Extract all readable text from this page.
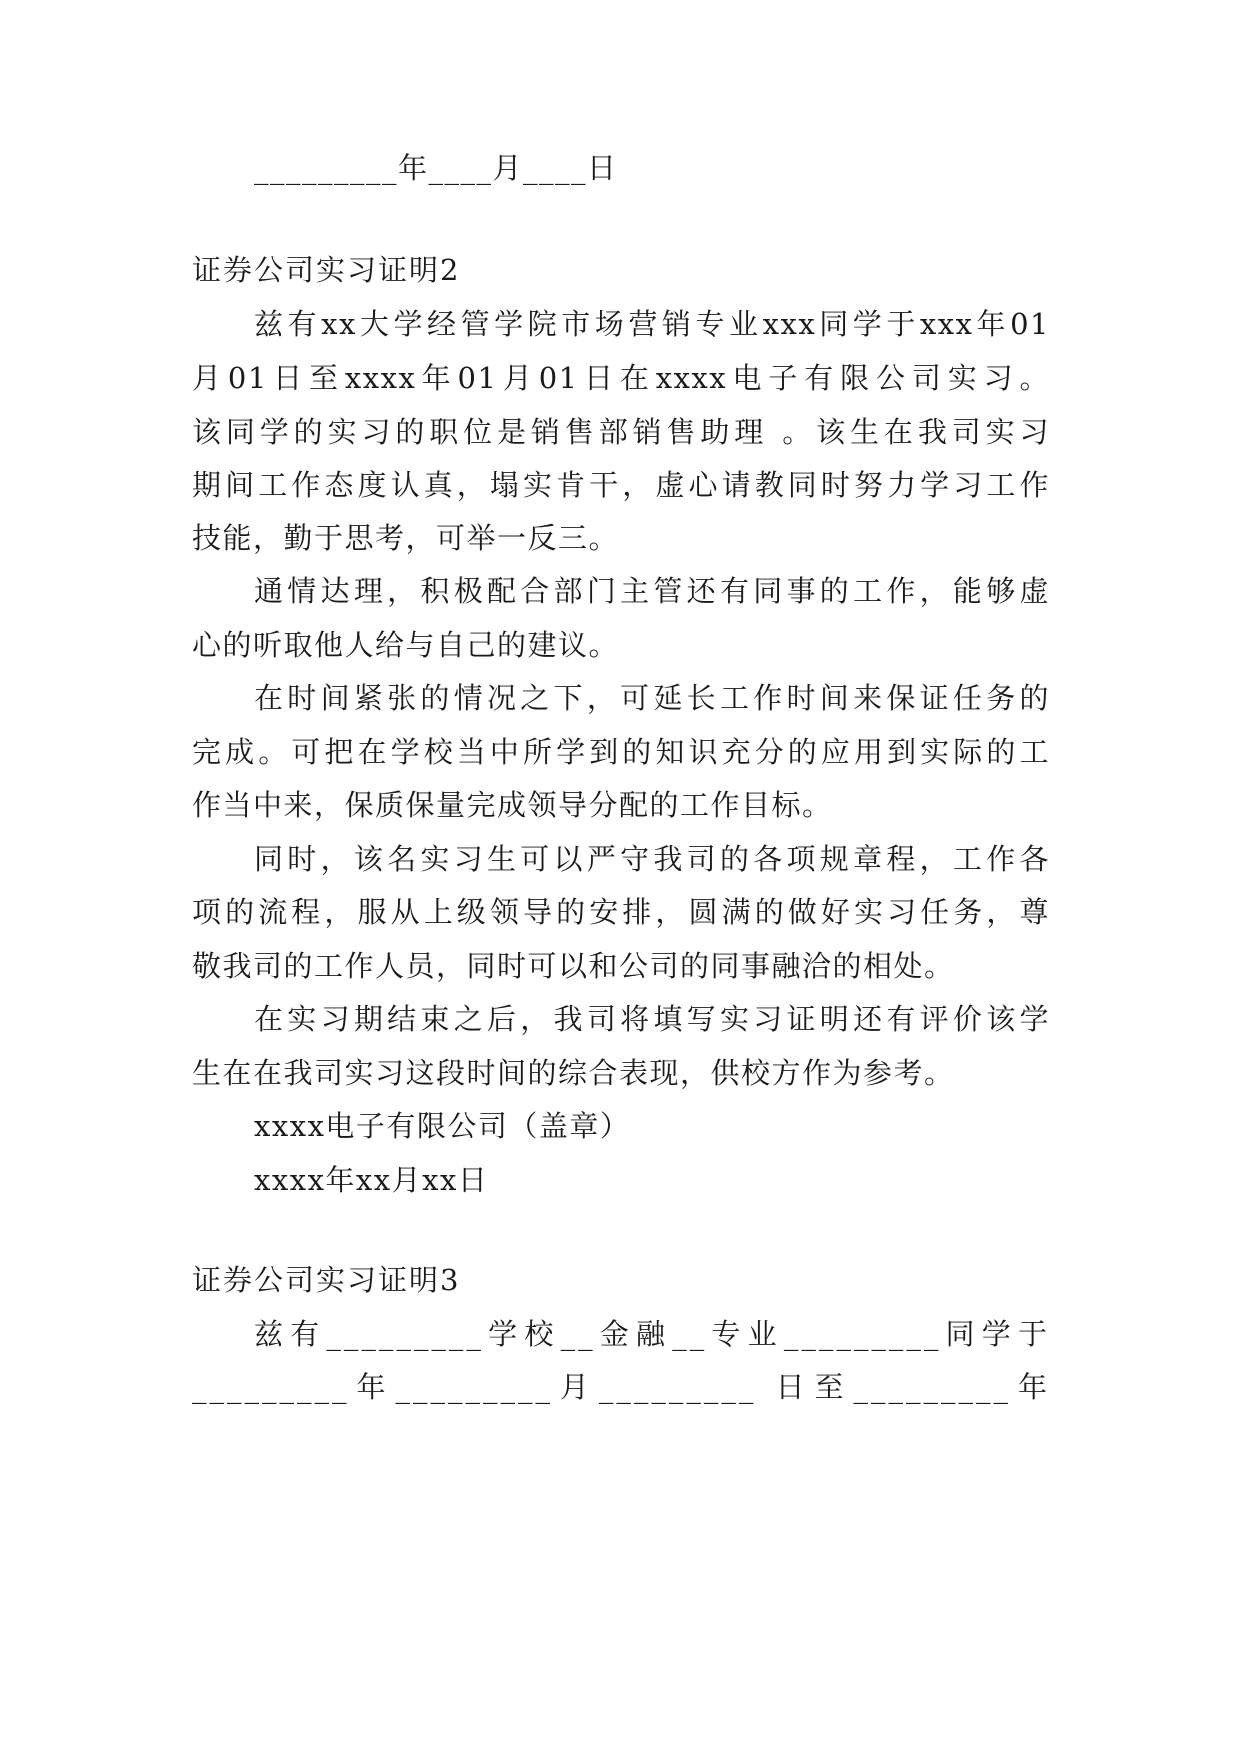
_________年____月____日
证券公司实习证明2
兹有xx大学经管学院市场营销专业xxx同学于xxx年01
月01日至xxxx年01月01日在xxxx电子有限公司实习。
该同学的实习的职位是销售部销售助理 。该生在我司实习
期间工作态度认真，塌实肯干，虚心请教同时努力学习工作
技能，勤于思考，可举一反三。
通情达理，积极配合部门主管还有同事的工作，能够虚
心的听取他人给与自己的建议。
在时间紧张的情况之下，可延长工作时间来保证任务的
完成。可把在学校当中所学到的知识充分的应用到实际的工
作当中来，保质保量完成领导分配的工作目标。
同时，该名实习生可以严守我司的各项规章程，工作各
项的流程，服从上级领导的安排，圆满的做好实习任务，尊
敬我司的工作人员，同时可以和公司的同事融洽的相处。
在实习期结束之后，我司将填写实习证明还有评价该学
生在在我司实习这段时间的综合表现，供校方作为参考。
xxxx电子有限公司（盖章）
xxxx年xx月xx日
证券公司实习证明3
兹有_________学校__金融__专业_________同学于
_________年_________月_________ 日至_________年
